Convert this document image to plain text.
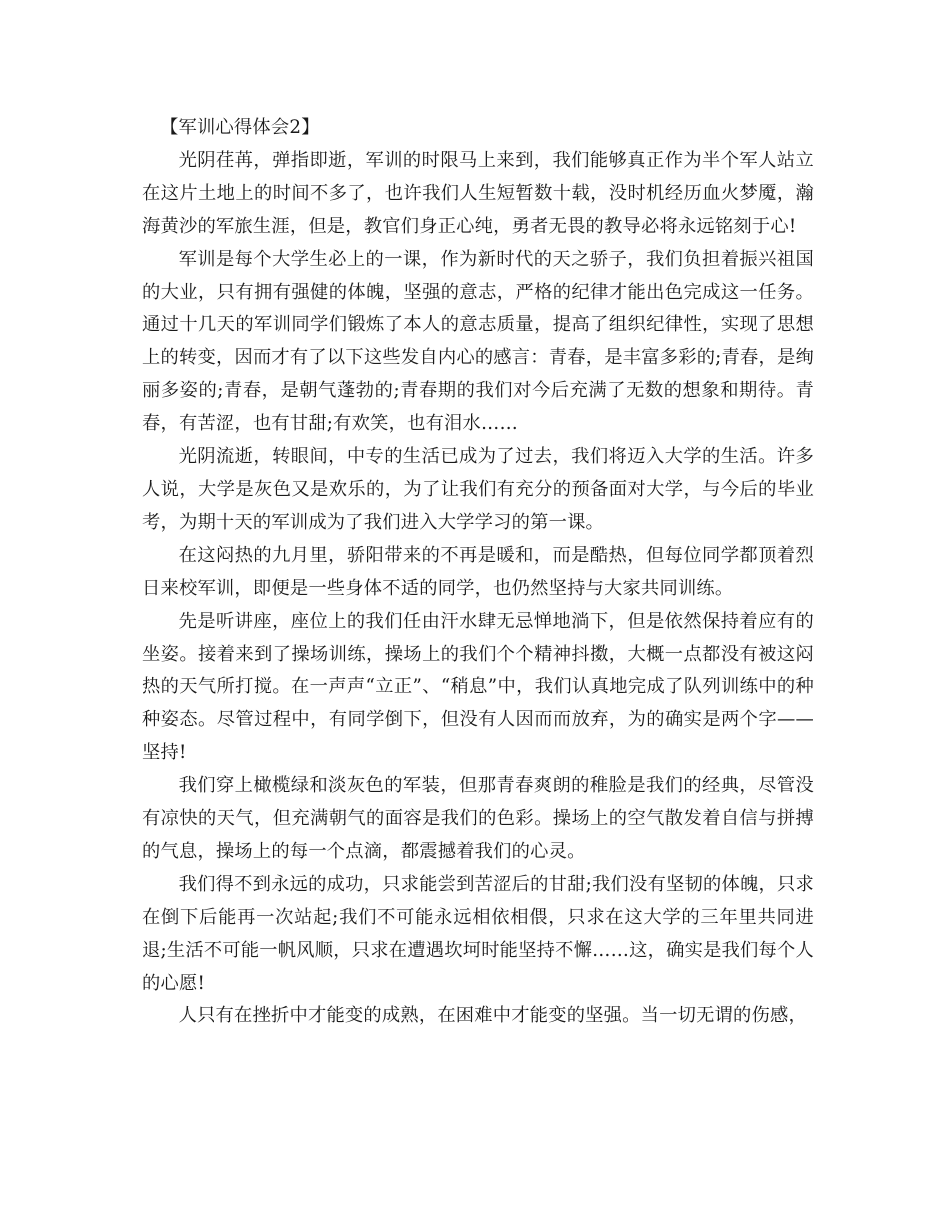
【军训心得体会2】

光阴荏苒，弹指即逝，军训的时限马上来到，我们能够真正作为半个军人站立在这片土地上的时间不多了，也许我们人生短暂数十载，没时机经历血火梦魇，瀚海黄沙的军旅生涯，但是，教官们身正心纯，勇者无畏的教导必将永远铭刻于心!

军训是每个大学生必上的一课，作为新时代的天之骄子，我们负担着振兴祖国的大业，只有拥有强健的体魄，坚强的意志，严格的纪律才能出色完成这一任务。通过十几天的军训同学们锻炼了本人的意志质量，提高了组织纪律性，实现了思想上的转变，因而才有了以下这些发自内心的感言：青春，是丰富多彩的;青春，是绚丽多姿的;青春，是朝气蓬勃的;青春期的我们对今后充满了无数的想象和期待。青春，有苦涩，也有甘甜;有欢笑，也有泪水……

光阴流逝，转眼间，中专的生活已成为了过去，我们将迈入大学的生活。许多人说，大学是灰色又是欢乐的，为了让我们有充分的预备面对大学，与今后的毕业考，为期十天的军训成为了我们进入大学学习的第一课。

在这闷热的九月里，骄阳带来的不再是暖和，而是酷热，但每位同学都顶着烈日来校军训，即便是一些身体不适的同学，也仍然坚持与大家共同训练。

先是听讲座，座位上的我们任由汗水肆无忌惮地淌下，但是依然保持着应有的坐姿。接着来到了操场训练，操场上的我们个个精神抖擞，大概一点都没有被这闷热的天气所打搅。在一声声“立正”、“稍息”中，我们认真地完成了队列训练中的种种姿态。尽管过程中，有同学倒下，但没有人因而而放弃，为的确实是两个字——坚持!

我们穿上橄榄绿和淡灰色的军装，但那青春爽朗的稚脸是我们的经典，尽管没有凉快的天气，但充满朝气的面容是我们的色彩。操场上的空气散发着自信与拼搏的气息，操场上的每一个点滴，都震撼着我们的心灵。

我们得不到永远的成功，只求能尝到苦涩后的甘甜;我们没有坚韧的体魄，只求在倒下后能再一次站起;我们不可能永远相依相偎，只求在这大学的三年里共同进退;生活不可能一帆风顺，只求在遭遇坎坷时能坚持不懈……这，确实是我们每个人的心愿!

人只有在挫折中才能变的成熟，在困难中才能变的坚强。当一切无谓的伤感，
